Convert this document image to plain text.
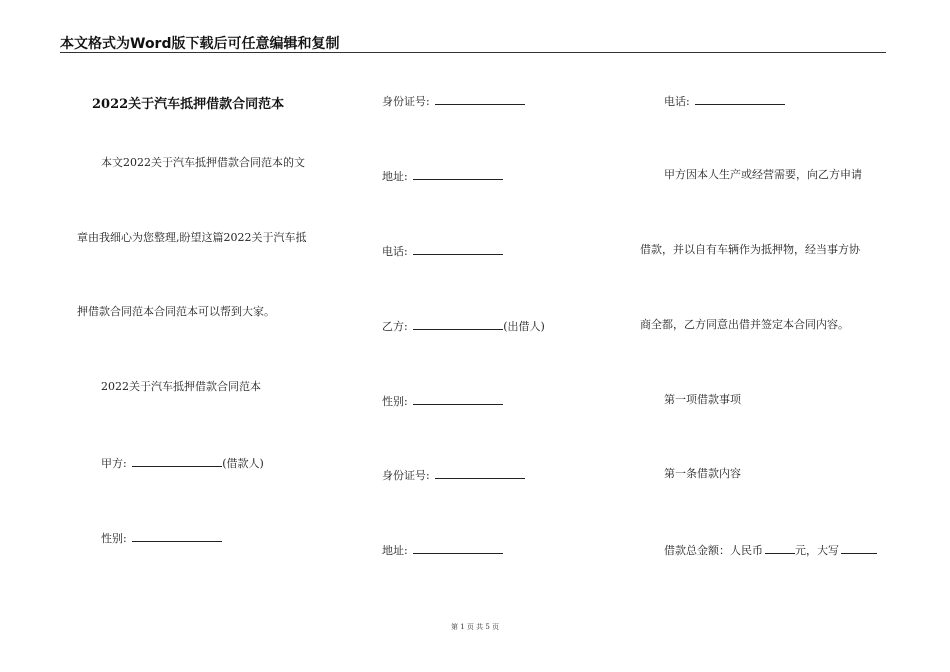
本文格式为Word版下载后可任意编辑和复制
2022关于汽车抵押借款合同范本
本文2022关于汽车抵押借款合同范本的文
章由我细心为您整理,盼望这篇2022关于汽车抵
押借款合同范本合同范本可以帮到大家。
2022关于汽车抵押借款合同范本
甲方:	(借款人)
性别:
身份证号:
地址:
电话:
乙方:	(出借人)
性别:
身份证号:
地址:
电话:
甲方因本人生产或经营需要，向乙方申请
借款，并以自有车辆作为抵押物，经当事方协
商全都，乙方同意出借并签定本合同内容。
第一项借款事项
第一条借款内容
借款总金额：人民币	元，大写
第 1 页 共 5 页
